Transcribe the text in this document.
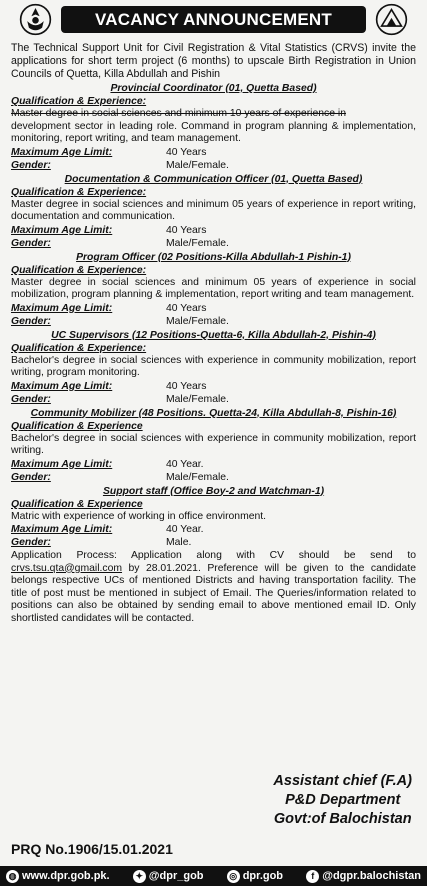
VACANCY ANNOUNCEMENT

The Technical Support Unit for Civil Registration & Vital Statistics (CRVS) invite the applications for short term project (6 months) to upscale Birth Registration in Union Councils of Quetta, Killa Abdullah and Pishin

Provincial Coordinator (01, Quetta Based)
Qualification & Experience:
Master degree in social sciences and minimum 10 years of experience in
development sector in leading role. Command in program planning & implementation, monitoring, report writing, and team management.
Maximum Age Limit:	40 Years
Gender:	Male/Female.
Documentation & Communication Officer (01, Quetta Based)
Qualification & Experience:
Master degree in social sciences and minimum 05 years of experience in report writing, documentation and communication.
Maximum Age Limit:	40 Years
Gender:	Male/Female.
Program Officer (02 Positions-Killa Abdullah-1 Pishin-1)
Qualification & Experience:
Master degree in social sciences and minimum 05 years of experience in social mobilization, program planning & implementation, report writing and team management.
Maximum Age Limit:	40 Years
Gender:	Male/Female.
UC Supervisors (12 Positions-Quetta-6, Killa Abdullah-2, Pishin-4)
Qualification & Experience:
Bachelor's degree in social sciences with experience in community mobilization, report writing, program monitoring.
Maximum Age Limit:	40 Years
Gender:	Male/Female.
Community Mobilizer (48 Positions. Quetta-24, Killa Abdullah-8, Pishin-16)
Qualification & Experience
Bachelor's degree in social sciences with experience in community mobilization, report writing.
Maximum Age Limit:	40 Year.
Gender:	Male/Female.
Support staff (Office Boy-2 and Watchman-1)
Qualification & Experience
Matric with experience of working in office environment.
Maximum Age Limit:	40 Year.
Gender:	Male.

Application Process: Application along with CV should be send to crvs.tsu.qta@gmail.com by 28.01.2021. Preference will be given to the candidate belongs respective UCs of mentioned Districts and having transportation facility. The title of post must be mentioned in subject of Email. The Queries/information related to positions can also be obtained by sending email to above mentioned email ID. Only shortlisted candidates will be contacted.

Assistant chief (F.A)
P&D Department
Govt:of Balochistan
PRQ No.1906/15.01.2021
◍ www.dpr.gob.pk.	✦ @dpr_gob	◎ dpr.gob	f @dgpr.balochistan
